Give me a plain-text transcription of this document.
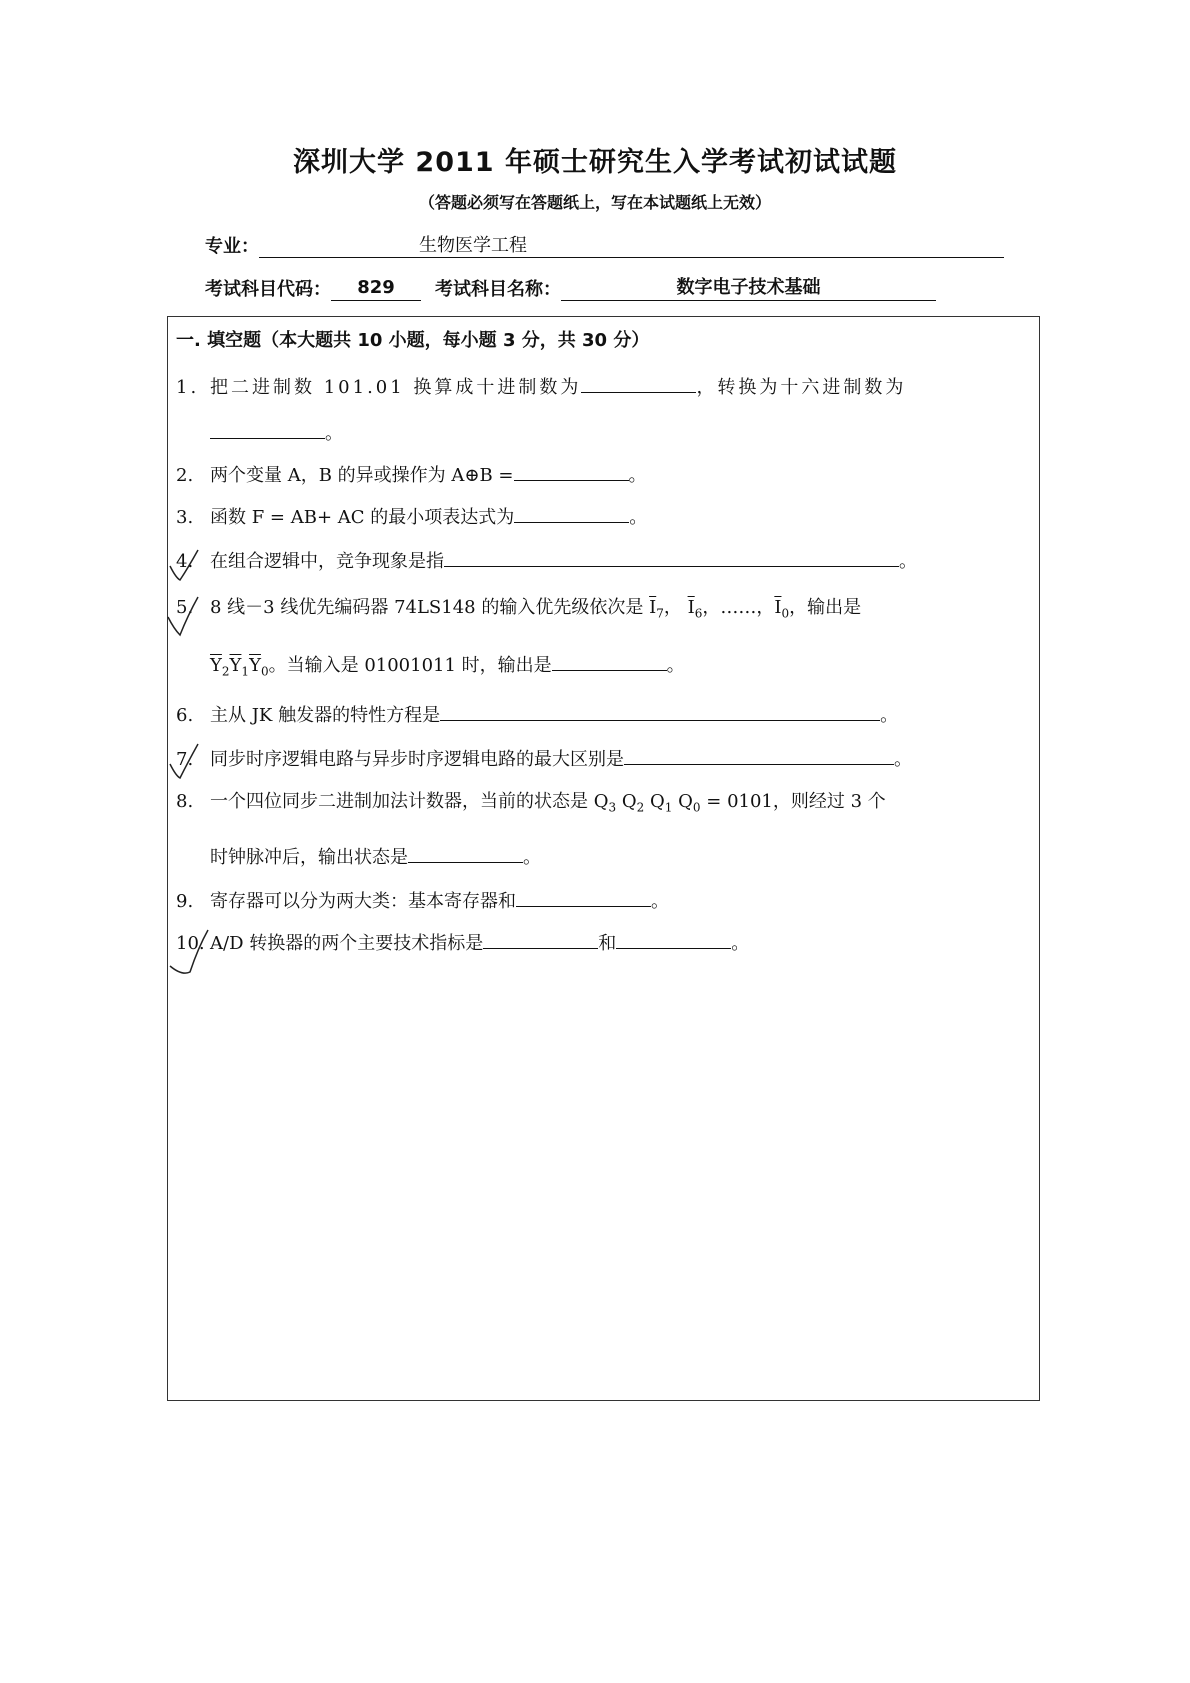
深圳大学 2011 年硕士研究生入学考试初试试题
（答题必须写在答题纸上，写在本试题纸上无效）
专业：	生物医学工程
考试科目代码：	829	考试科目名称：	数字电子技术基础
一. 填空题（本大题共 10 小题，每小题 3 分，共 30 分）
1. 把二进制数 101.01 换算成十进制数为	，转换为十六进制数为
。
2. 两个变量 A，B 的异或操作为 A⊕B =	。
3. 函数 F = AB+ AC 的最小项表达式为	。
4. 在组合逻辑中，竞争现象是指	。
5. 8 线－3 线优先编码器 74LS148 的输入优先级依次是 $\overline{I}_7$， $\overline{I}_6$，……，$\overline{I}_0$，输出是
$\overline{Y}_2\overline{Y}_1\overline{Y}_0$。当输入是 01001011 时，输出是	。
6. 主从 JK 触发器的特性方程是	。
7. 同步时序逻辑电路与异步时序逻辑电路的最大区别是	。
8. 一个四位同步二进制加法计数器，当前的状态是 $Q_3$ $Q_2$ $Q_1$ $Q_0 = 0101$，则经过 3 个
时钟脉冲后，输出状态是	。
9. 寄存器可以分为两大类：基本寄存器和	。
10. A/D 转换器的两个主要技术指标是	和	。
